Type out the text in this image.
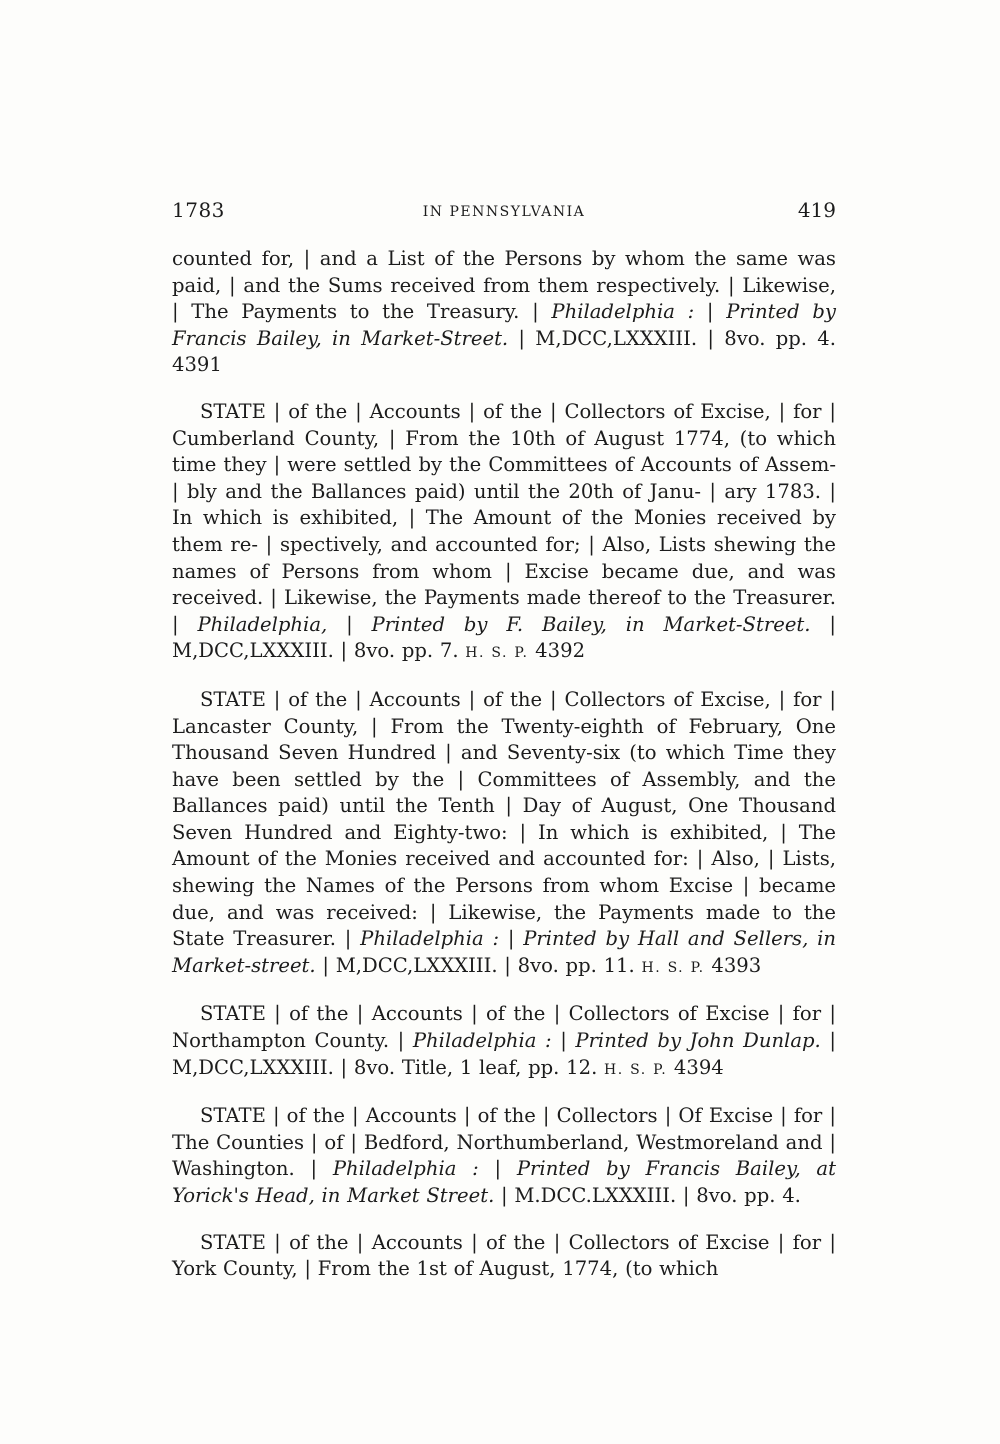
1783	IN PENNSYLVANIA	419

counted for, | and a List of the Persons by whom the same was paid, | and the Sums received from them respectively. | Likewise, | The Payments to the Treasury. | Philadelphia : | Printed by Francis Bailey, in Market-Street. | M,DCC,LXXXIII. | 8vo. pp. 4. 4391

STATE | of the | Accounts | of the | Collectors of Excise, | for | Cumberland County, | From the 10th of August 1774, (to which time they | were settled by the Committees of Accounts of Assem- | bly and the Ballances paid) until the 20th of Janu- | ary 1783. | In which is exhibited, | The Amount of the Monies received by them re- | spectively, and accounted for; | Also, Lists shewing the names of Persons from whom | Excise became due, and was received. | Likewise, the Payments made thereof to the Treasurer. | Philadelphia, | Printed by F. Bailey, in Market-Street. | M,DCC,LXXXIII. | 8vo. pp. 7. H. S. P. 4392

STATE | of the | Accounts | of the | Collectors of Excise, | for | Lancaster County, | From the Twenty-eighth of February, One Thousand Seven Hundred | and Seventy-six (to which Time they have been settled by the | Committees of Assembly, and the Ballances paid) until the Tenth | Day of August, One Thousand Seven Hundred and Eighty-two: | In which is exhibited, | The Amount of the Monies received and accounted for: | Also, | Lists, shewing the Names of the Persons from whom Excise | became due, and was received: | Likewise, the Payments made to the State Treasurer. | Philadelphia : | Printed by Hall and Sellers, in Market-street. | M,DCC,LXXXIII. | 8vo. pp. 11. H. S. P. 4393

STATE | of the | Accounts | of the | Collectors of Excise | for | Northampton County. | Philadelphia : | Printed by John Dunlap. | M,DCC,LXXXIII. | 8vo. Title, 1 leaf, pp. 12. H. S. P. 4394

STATE | of the | Accounts | of the | Collectors | Of Excise | for | The Counties | of | Bedford, Northumberland, Westmoreland and | Washington. | Philadelphia : | Printed by Francis Bailey, at Yorick's Head, in Market Street. | M.DCC.LXXXIII. | 8vo. pp. 4.

STATE | of the | Accounts | of the | Collectors of Excise | for | York County, | From the 1st of August, 1774, (to which
